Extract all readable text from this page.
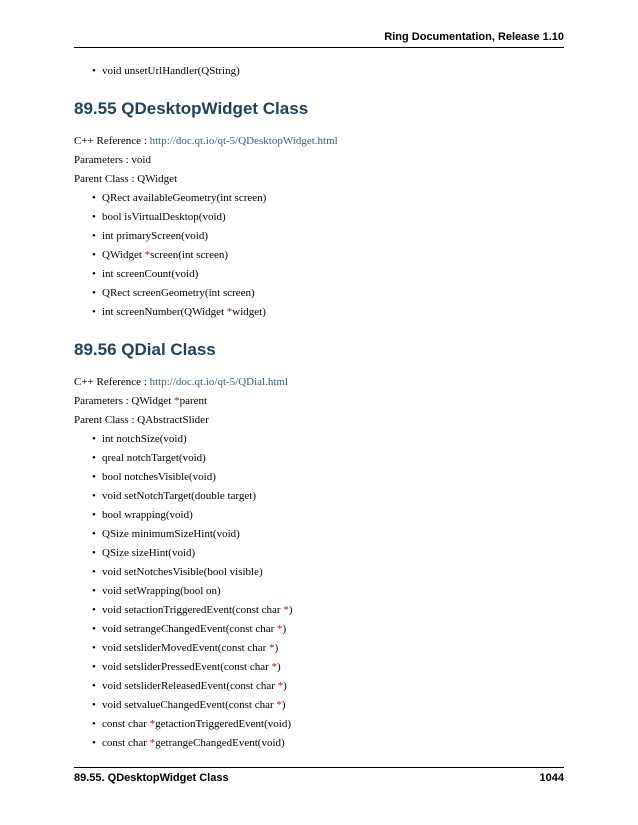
Ring Documentation, Release 1.10
• void unsetUrlHandler(QString)
89.55 QDesktopWidget Class

C++ Reference : http://doc.qt.io/qt-5/QDesktopWidget.html

Parameters : void

Parent Class : QWidget

• QRect availableGeometry(int screen)
• bool isVirtualDesktop(void)
• int primaryScreen(void)
• QWidget *screen(int screen)
• int screenCount(void)
• QRect screenGeometry(int screen)
• int screenNumber(QWidget *widget)
89.56 QDial Class

C++ Reference : http://doc.qt.io/qt-5/QDial.html

Parameters : QWidget *parent

Parent Class : QAbstractSlider

• int notchSize(void)
• qreal notchTarget(void)
• bool notchesVisible(void)
• void setNotchTarget(double target)
• bool wrapping(void)
• QSize minimumSizeHint(void)
• QSize sizeHint(void)
• void setNotchesVisible(bool visible)
• void setWrapping(bool on)
• void setactionTriggeredEvent(const char *)
• void setrangeChangedEvent(const char *)
• void setsliderMovedEvent(const char *)
• void setsliderPressedEvent(const char *)
• void setsliderReleasedEvent(const char *)
• void setvalueChangedEvent(const char *)
• const char *getactionTriggeredEvent(void)
• const char *getrangeChangedEvent(void)
89.55. QDesktopWidget Class	1044
